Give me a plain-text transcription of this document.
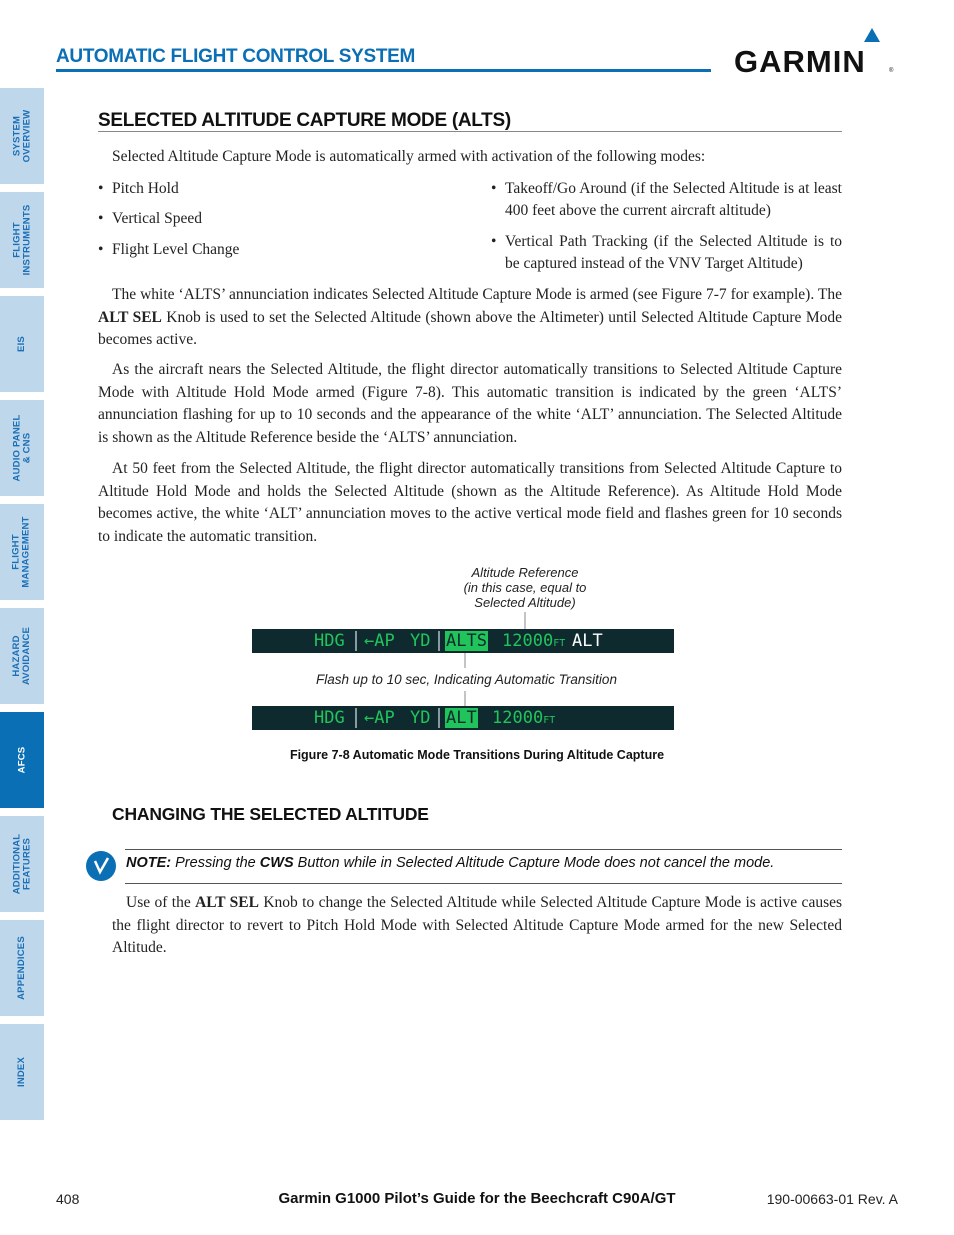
SYSTEM
OVERVIEW
FLIGHT
INSTRUMENTS
EIS
AUDIO PANEL
& CNS
FLIGHT
MANAGEMENT
HAZARD
AVOIDANCE
AFCS
ADDITIONAL
FEATURES
APPENDICES
INDEX
AUTOMATIC FLIGHT CONTROL SYSTEM	GARMIN	®
SELECTED ALTITUDE CAPTURE MODE (ALTS)
Selected Altitude Capture Mode is automatically armed with activation of the following modes:
• Pitch Hold
• Vertical Speed
• Flight Level Change
• Takeoff/Go Around (if the Selected Altitude is at least 400 feet above the current aircraft altitude)
• Vertical Path Tracking (if the Selected Altitude is to be captured instead of the VNV Target Altitude)
The white ‘ALTS’ annunciation indicates Selected Altitude Capture Mode is armed (see Figure 7-7 for example). The ALT SEL Knob is used to set the Selected Altitude (shown above the Altimeter) until Selected Altitude Capture Mode becomes active.
As the aircraft nears the Selected Altitude, the flight director automatically transitions to Selected Altitude Capture Mode with Altitude Hold Mode armed (Figure 7-8). This automatic transition is indicated by the green ‘ALTS’ annunciation flashing for up to 10 seconds and the appearance of the white ‘ALT’ annunciation. The Selected Altitude is shown as the Altitude Reference beside the ‘ALTS’ annunciation.
At 50 feet from the Selected Altitude, the flight director automatically transitions from Selected Altitude Capture to Altitude Hold Mode and holds the Selected Altitude (shown as the Altitude Reference). As Altitude Hold Mode becomes active, the white ‘ALT’ annunciation moves to the active vertical mode field and flashes green for 10 seconds to indicate the automatic transition.
Altitude Reference
(in this case, equal to
Selected Altitude)
HDG ←AP YD ALTS 12000FT ALT
Flash up to 10 sec, Indicating Automatic Transition
HDG ←AP YD ALT 12000FT
Figure 7-8 Automatic Mode Transitions During Altitude Capture
CHANGING THE SELECTED ALTITUDE
NOTE: Pressing the CWS Button while in Selected Altitude Capture Mode does not cancel the mode.
Use of the ALT SEL Knob to change the Selected Altitude while Selected Altitude Capture Mode is active causes the flight director to revert to Pitch Hold Mode with Selected Altitude Capture Mode armed for the new Selected Altitude.
408	Garmin G1000 Pilot’s Guide for the Beechcraft C90A/GT	190-00663-01 Rev. A
